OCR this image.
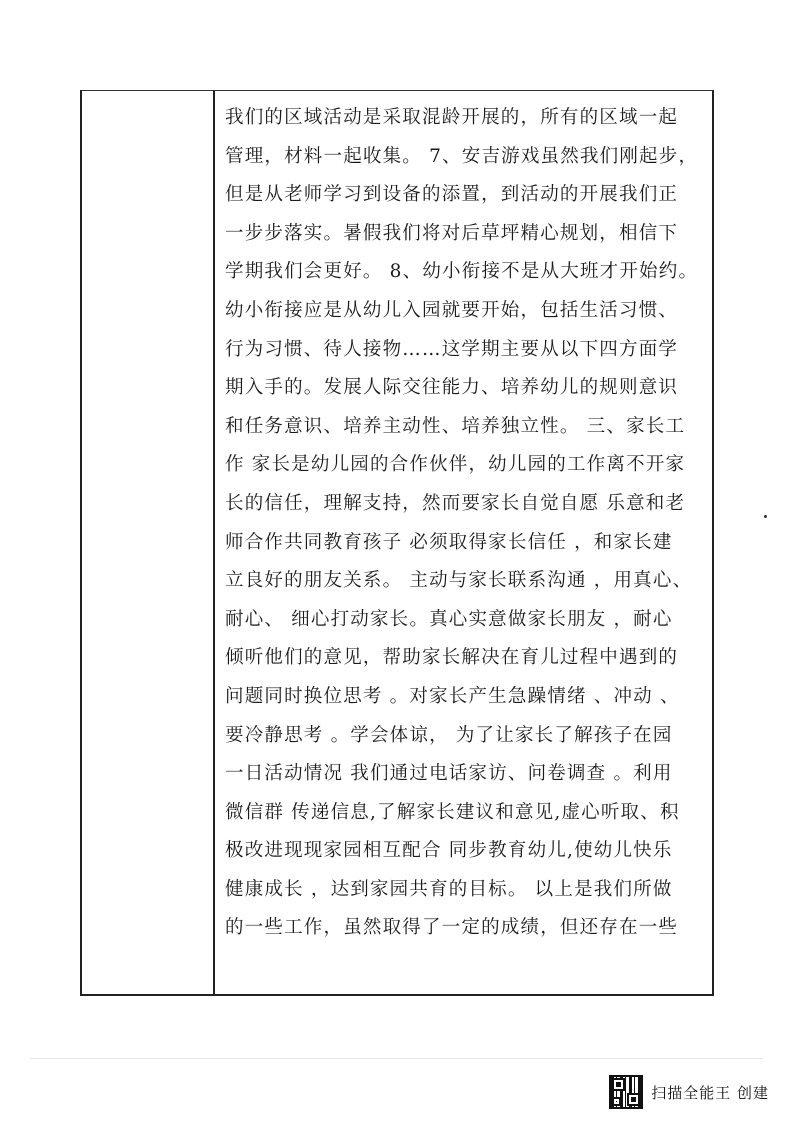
我们的区域活动是采取混龄开展的，所有的区域一起
管理，材料一起收集。 7、安吉游戏虽然我们刚起步，
但是从老师学习到设备的添置，到活动的开展我们正
一步步落实。暑假我们将对后草坪精心规划，相信下
学期我们会更好。 8、幼小衔接不是从大班才开始约。
幼小衔接应是从幼儿入园就要开始，包括生活习惯、
行为习惯、待人接物……这学期主要从以下四方面学
期入手的。发展人际交往能力、培养幼儿的规则意识
和任务意识、培养主动性、培养独立性。 三、家长工
作 家长是幼儿园的合作伙伴，幼儿园的工作离不开家
长的信任，理解支持，然而要家长自觉自愿 乐意和老
师合作共同教育孩子 必须取得家长信任 ，和家长建
立良好的朋友关系。 主动与家长联系沟通 ，用真心、
耐心、 细心打动家长。真心实意做家长朋友 ，耐心
倾听他们的意见，帮助家长解决在育儿过程中遇到的
问题同时换位思考 。对家长产生急躁情绪 、冲动 、
要冷静思考 。学会体谅， 为了让家长了解孩子在园
一日活动情况 我们通过电话家访、问卷调查 。利用
微信群 传递信息,了解家长建议和意见,虚心听取、积
极改进现现家园相互配合 同步教育幼儿,使幼儿快乐
健康成长 ，达到家园共育的目标。 以上是我们所做
的一些工作，虽然取得了一定的成绩，但还存在一些
扫描全能王 创建
